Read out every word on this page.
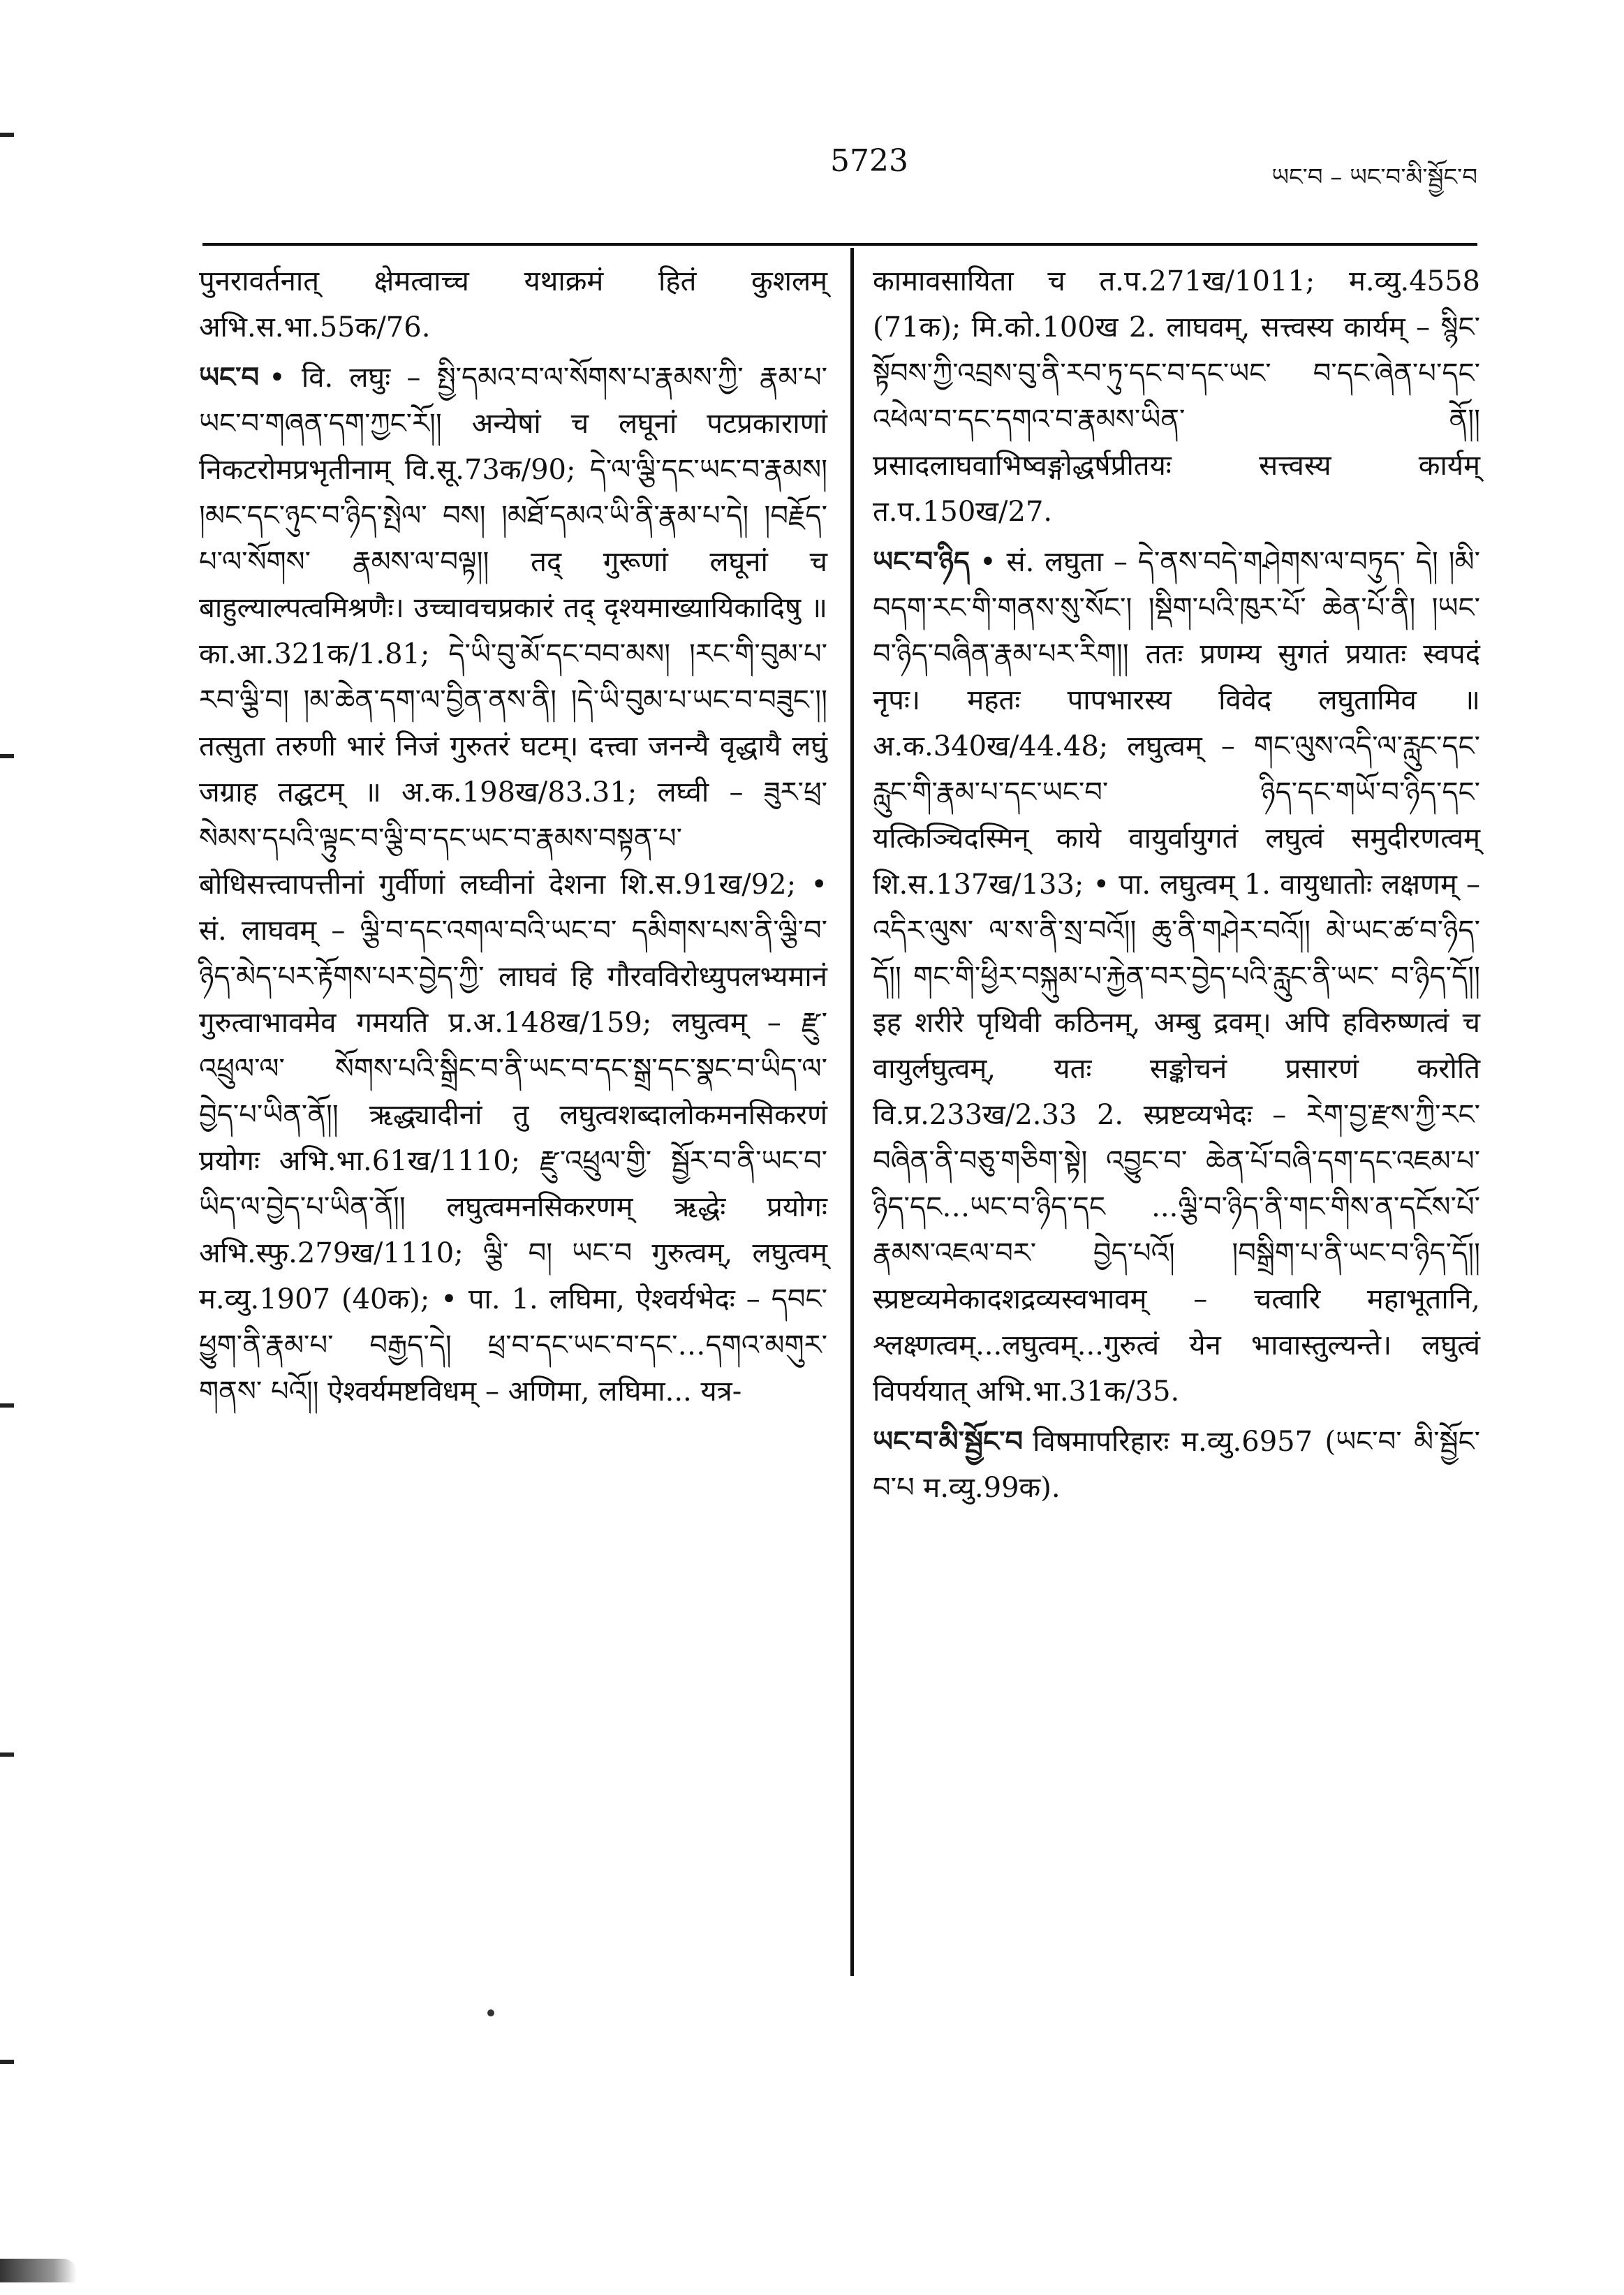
5723	ཡང་བ – ཡང་བ་མི་སྦྱོང་བ

पुनरावर्तनात् क्षेमत्वाच्च यथाक्रमं हितं कुशलम् अभि.स.भा.55क/76.

ཡང་བ • वि. लघुः – སྤྱི་དམའ་བ་ལ་སོགས་པ་རྣམས་ཀྱི་ རྣམ་པ་ཡང་བ་གཞན་དག་ཀྱང་རོ།། अन्येषां च लघूनां पटप्रकाराणां निकटरोमप्रभृतीनाम् वि.सू.73क/90; དེ་ལ་ལྕི་དང་ཡང་བ་རྣམས། །མང་དང་ཉུང་བ་ཉིད་སྤེལ་ བས། །མཐོ་དམའ་ཡི་ནི་རྣམ་པ་དེ། །བརྗོད་པ་ལ་སོགས་ རྣམས་ལ་བལྟ།། तद् गुरूणां लघूनां च बाहुल्याल्पत्वमिश्रणैः। उच्चावचप्रकारं तद् दृश्यमाख्यायिकादिषु ॥ का.आ.321क/1.81; དེ་ཡི་བུ་མོ་དང་བབ་མས། །རང་གི་བུམ་པ་རབ་ལྕི་བ། །མ་ཆེན་དག་ལ་བྱིན་ནས་ནི། །དེ་ཡི་བུམ་པ་ཡང་བ་བཟུང་།། तत्सुता तरुणी भारं निजं गुरुतरं घटम्। दत्त्वा जनन्यै वृद्धायै लघुं जग्राह तद्घटम् ॥ अ.क.198ख/83.31; लघ्वी – ཟུར་ཕྲ་ སེམས་དཔའི་ལྟུང་བ་ལྕི་བ་དང་ཡང་བ་རྣམས་བསྟན་པ་ बोधिसत्त्वापत्तीनां गुर्वीणां लघ्वीनां देशना शि.स.91ख/92; • सं. लाघवम् – ལྕི་བ་དང་འགལ་བའི་ཡང་བ་ དམིགས་པས་ནི་ལྕི་བ་ཉིད་མེད་པར་རྟོགས་པར་བྱེད་ཀྱི་ लाघवं हि गौरवविरोध्युपलभ्यमानं गुरुत्वाभावमेव गमयति प्र.अ.148ख/159; लघुत्वम् – རྫུ་འཕྲུལ་ལ་ སོགས་པའི་སྒྲིང་བ་ནི་ཡང་བ་དང་སྒྲ་དང་སྣང་བ་ཡིད་ལ་ བྱེད་པ་ཡིན་ནོ།། ऋद्ध्यादीनां तु लघुत्वशब्दालोकमनसिकरणं प्रयोगः अभि.भा.61ख/1110; རྫུ་འཕྲུལ་གྱི་ སྦྱོར་བ་ནི་ཡང་བ་ཡིད་ལ་བྱེད་པ་ཡིན་ནོ།། लघुत्वमनसिकरणम् ऋद्धेः प्रयोगः अभि.स्फु.279ख/1110; ལྕི་ བ། ཡང་བ गुरुत्वम्, लघुत्वम् म.व्यु.1907 (40क); • पा. 1. लघिमा, ऐश्वर्यभेदः – དབང་ཕྱུག་ནི་རྣམ་པ་ བརྒྱད་དེ། ཕྲ་བ་དང་ཡང་བ་དང་…དགའ་མགུར་གནས་ པའོ།། ऐश्वर्यमष्टविधम् – अणिमा, लघिमा... यत्र-

कामावसायिता च त.प.271ख/1011; म.व्यु.4558 (71क); मि.को.100ख 2. लाघवम्, सत्त्वस्य कार्यम् – སྙིང་སྟོབས་ཀྱི་འབྲས་བུ་ནི་རབ་ཏུ་དང་བ་དང་ཡང་ བ་དང་ཞེན་པ་དང་འཕེལ་བ་དང་དགའ་བ་རྣམས་ཡིན་ ནོ།། प्रसादलाघवाभिष्वङ्गोद्धर्षप्रीतयः सत्त्वस्य कार्यम् त.प.150ख/27.

ཡང་བ་ཉིད • सं. लघुता – དེ་ནས་བདེ་གཤེགས་ལ་བཏུད་ དེ། །མི་བདག་རང་གི་གནས་སུ་སོང་། །སྡིག་པའི་ཁུར་པོ་ ཆེན་པོ་ནི། །ཡང་བ་ཉིད་བཞིན་རྣམ་པར་རིག།། ततः प्रणम्य सुगतं प्रयातः स्वपदं नृपः। महतः पापभारस्य विवेद लघुतामिव ॥ अ.क.340ख/44.48; लघुत्वम् – གང་ལུས་འདི་ལ་རླུང་དང་རླུང་གི་རྣམ་པ་དང་ཡང་བ་ ཉིད་དང་གཡོ་བ་ཉིད་དང་ यत्किञ्चिदस्मिन् काये वायुर्वायुगतं लघुत्वं समुदीरणत्वम् शि.स.137ख/133; • पा. लघुत्वम् 1. वायुधातोः लक्षणम् – འདིར་ལུས་ ལ་ས་ནི་སྲ་བའོ།། ཆུ་ནི་གཤེར་བའོ།། མེ་ཡང་ཚ་བ་ཉིད་ དོ།། གང་གི་ཕྱིར་བསྐུམ་པ་རྐྱེན་བར་བྱེད་པའི་རླུང་ནི་ཡང་ བ་ཉིད་དོ།། इह शरीरे पृथिवी कठिनम्, अम्बु द्रवम्। अपि हविरुष्णत्वं च वायुर्लघुत्वम्, यतः सङ्कोचनं प्रसारणं करोति वि.प्र.233ख/2.33 2. स्प्रष्टव्यभेदः – རེག་བྱ་རྫས་ཀྱི་རང་བཞིན་ནི་བཅུ་གཅིག་སྟེ། འབྱུང་བ་ ཆེན་པོ་བཞི་དག་དང་འཇམ་པ་ཉིད་དང…ཡང་བ་ཉིད་དང ...ལྕི་བ་ཉིད་ནི་གང་གིས་ན་དངོས་པོ་རྣམས་འཇལ་བར་ བྱེད་པའོ། །བསྒྲིག་པ་ནི་ཡང་བ་ཉིད་དོ།། स्प्रष्टव्यमेकादशद्रव्यस्वभावम् – चत्वारि महाभूतानि, श्लक्ष्णत्वम्...लघुत्वम्...गुरुत्वं येन भावास्तुल्यन्ते। लघुत्वं विपर्ययात् अभि.भा.31क/35.

ཡང་བ་མི་སྦྱོང་བ विषमापरिहारः म.व्यु.6957 (ཡང་བ་ མི་སྦྱོང་བ་པ म.व्यु.99क).
